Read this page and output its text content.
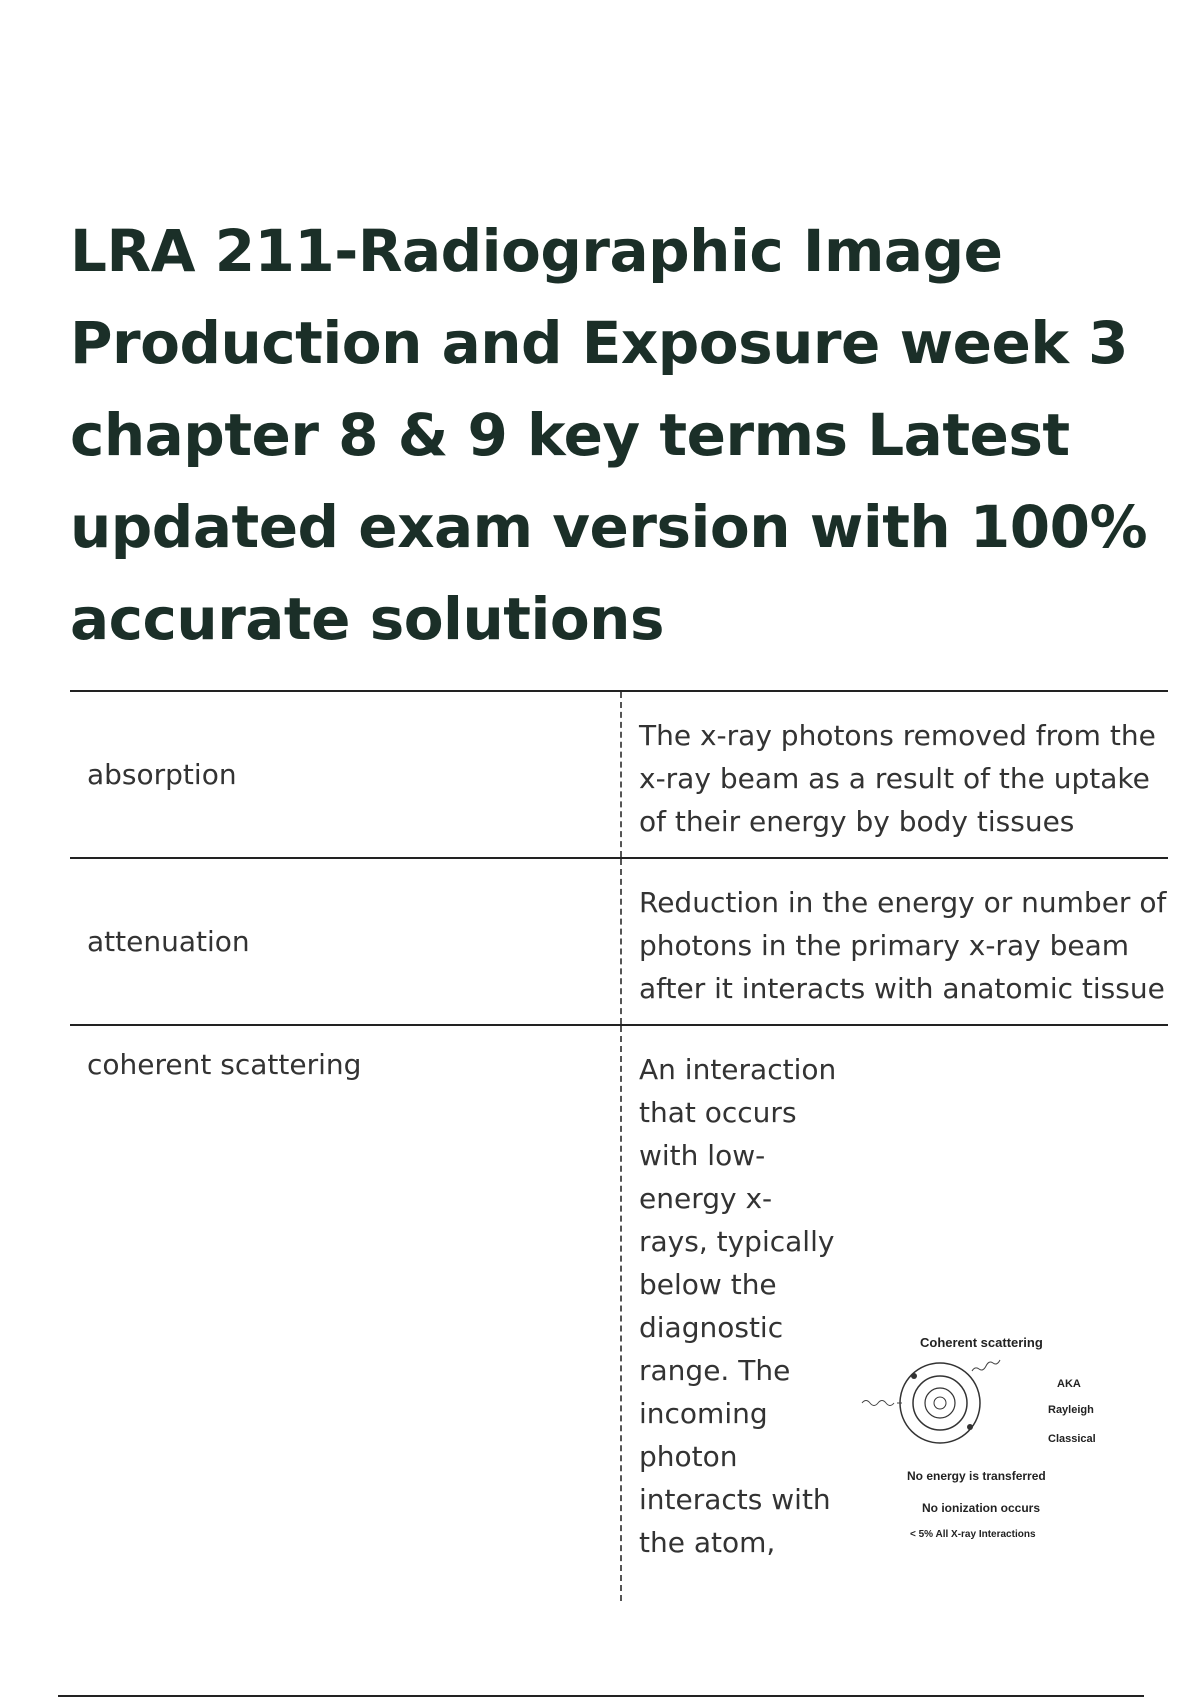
LRA 211-Radiographic Image Production and Exposure week 3 chapter 8 & 9 key terms Latest updated exam version with 100% accurate solutions
absorption
The x-ray photons removed from the x-ray beam as a result of the uptake of their energy by body tissues
attenuation
Reduction in the energy or number of photons in the primary x-ray beam after it interacts with anatomic tissue
coherent scattering	An interaction that occurs with low-energy x-rays, typically below the diagnostic range. The incoming photon interacts with the atom,
Coherent scattering
AKA
Rayleigh
Classical
No energy is transferred
No ionization occurs
< 5% All X-ray Interactions
